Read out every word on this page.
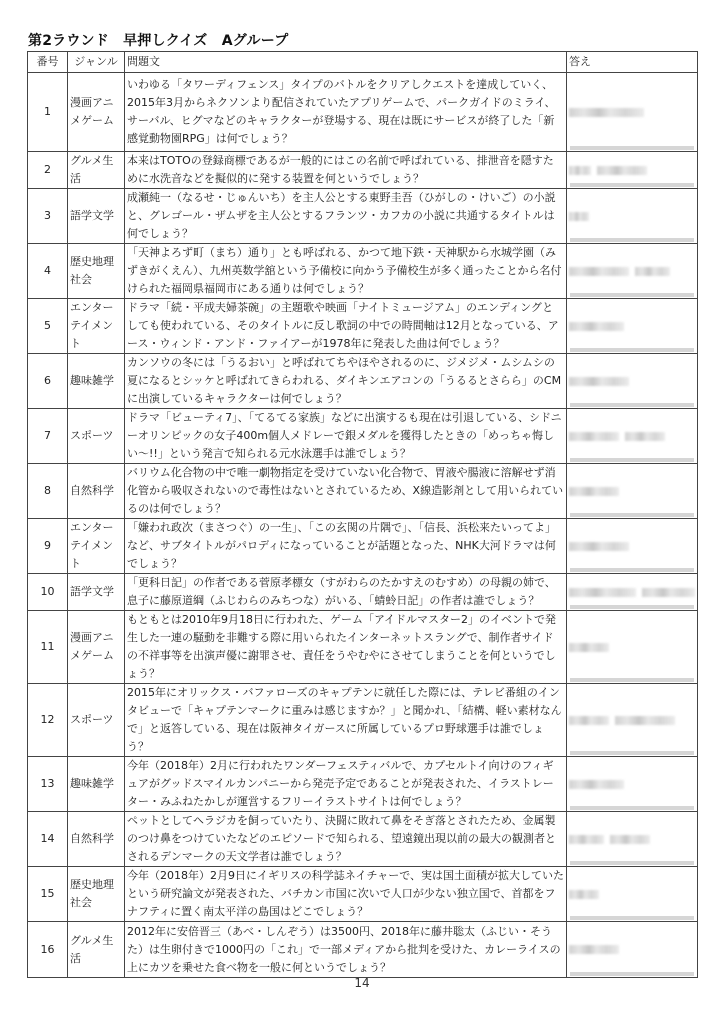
第2ラウンド　早押しクイズ　Aグループ
番号	ジャンル	問題文	答え
1	漫画アニメゲーム	いわゆる「タワーディフェンス」タイプのバトルをクリアしクエストを達成していく、2015年3月からネクソンより配信されていたアプリゲームで、パークガイドのミライ、サーバル、ヒグマなどのキャラクターが登場する、現在は既にサービスが終了した「新感覚動物園RPG」は何でしょう？	

2	グルメ生活	本来はTOTOの登録商標であるが一般的にはこの名前で呼ばれている、排泄音を隠すために水洗音などを擬似的に発する装置を何というでしょう？	

3	語学文学	成瀬純一（なるせ・じゅんいち）を主人公とする東野圭吾（ひがしの・けいご）の小説と、グレゴール・ザムザを主人公とするフランツ・カフカの小説に共通するタイトルは何でしょう？	

4	歴史地理社会	「天神よろず町（まち）通り」とも呼ばれる、かつて地下鉄・天神駅から水城学園（みずきがくえん）、九州英数学舘という予備校に向かう予備校生が多く通ったことから名付けられた福岡県福岡市にある通りは何でしょう？	

5	エンターテイメント	ドラマ「続・平成夫婦茶碗」の主題歌や映画「ナイトミュージアム」のエンディングとしても使われている、そのタイトルに反し歌詞の中での時間軸は12月となっている、アース・ウィンド・アンド・ファイアーが1978年に発表した曲は何でしょう？	

6	趣味雑学	カンソウの冬には「うるおい」と呼ばれてちやほやされるのに、ジメジメ・ムシムシの夏になるとシッケと呼ばれてきらわれる、ダイキンエアコンの「うるるとさらら」のCMに出演しているキャラクターは何でしょう？	

7	スポーツ	ドラマ「ビューティ7」、「てるてる家族」などに出演するも現在は引退している、シドニーオリンピックの女子400m個人メドレーで銀メダルを獲得したときの「めっちゃ悔しい～!!」という発言で知られる元水泳選手は誰でしょう？	

8	自然科学	バリウム化合物の中で唯一劇物指定を受けていない化合物で、胃液や腸液に溶解せず消化管から吸収されないので毒性はないとされているため、X線造影剤として用いられているのは何でしょう？	

9	エンターテイメント	「嫌われ政次（まさつぐ）の一生」、「この玄関の片隅で」、「信長、浜松来たいってよ」など、サブタイトルがパロディになっていることが話題となった、NHK大河ドラマは何でしょう？	

10	語学文学	「更科日記」の作者である菅原孝標女（すがわらのたかすえのむすめ）の母親の姉で、息子に藤原道綱（ふじわらのみちつな）がいる、「蜻蛉日記」の作者は誰でしょう？	

11	漫画アニメゲーム	もともとは2010年9月18日に行われた、ゲーム「アイドルマスター2」のイベントで発生した一連の騒動を非難する際に用いられたインターネットスラングで、制作者サイドの不祥事等を出演声優に謝罪させ、責任をうやむやにさせてしまうことを何というでしょう？	

12	スポーツ	2015年にオリックス・バファローズのキャプテンに就任した際には、テレビ番組のインタビューで「キャプテンマークに重みは感じますか？」と聞かれ、「結構、軽い素材なんで」と返答している、現在は阪神タイガースに所属しているプロ野球選手は誰でしょう？	

13	趣味雑学	今年（2018年）2月に行われたワンダーフェスティバルで、カプセルトイ向けのフィギュアがグッドスマイルカンパニーから発売予定であることが発表された、イラストレーター・みふねたかしが運営するフリーイラストサイトは何でしょう？	

14	自然科学	ペットとしてヘラジカを飼っていたり、決闘に敗れて鼻をそぎ落とされたため、金属製のつけ鼻をつけていたなどのエピソードで知られる、望遠鏡出現以前の最大の観測者とされるデンマークの天文学者は誰でしょう？	

15	歴史地理社会	今年（2018年）2月9日にイギリスの科学誌ネイチャーで、実は国土面積が拡大していたという研究論文が発表された、バチカン市国に次いで人口が少ない独立国で、首都をフナフティに置く南太平洋の島国はどこでしょう？	

16	グルメ生活	2012年に安倍晋三（あべ・しんぞう）は3500円、2018年に藤井聡太（ふじい・そうた）は生卵付きで1000円の「これ」で一部メディアから批判を受けた、カレーライスの上にカツを乗せた食べ物を一般に何というでしょう？	
14
